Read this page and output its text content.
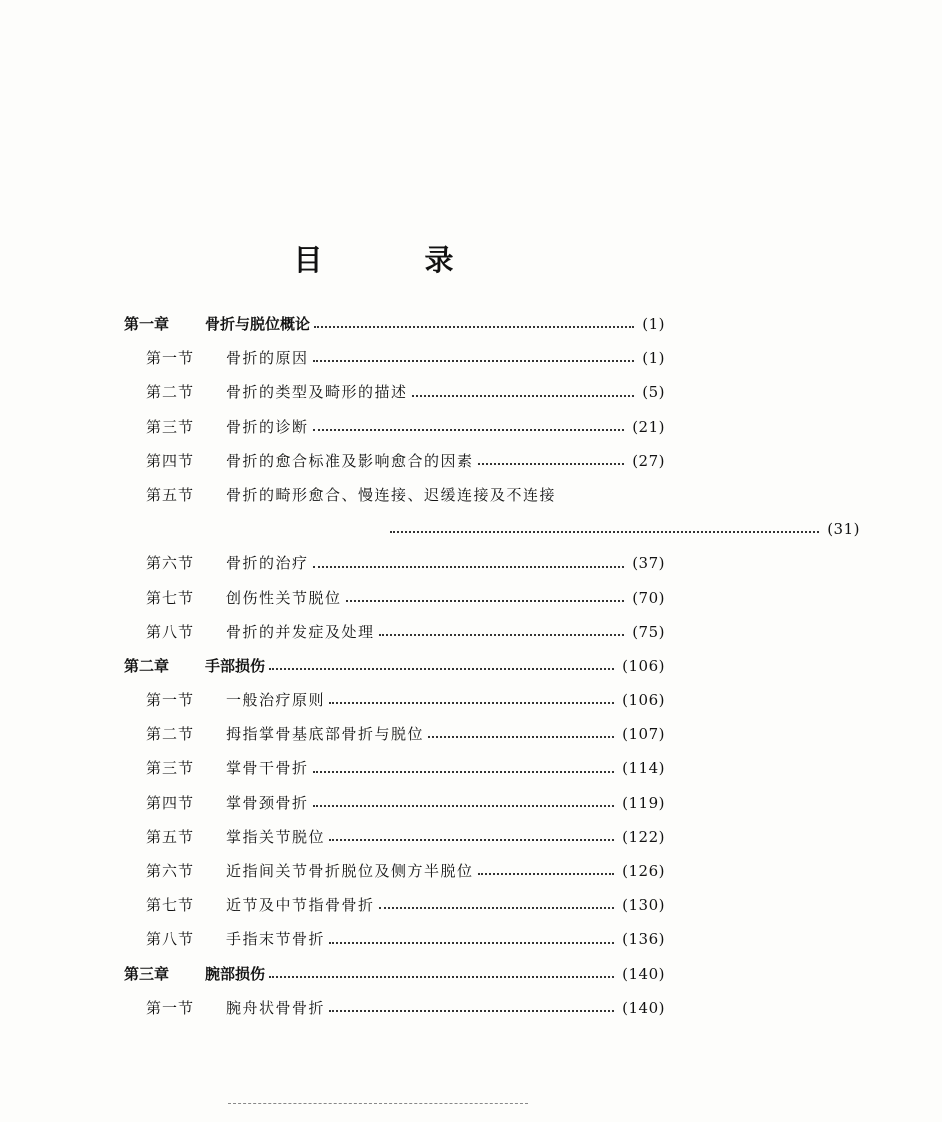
目 录
第一章 骨折与脱位概论	(1)
第一节 骨折的原因	(1)
第二节 骨折的类型及畸形的描述	(5)
第三节 骨折的诊断	(21)
第四节 骨折的愈合标准及影响愈合的因素	(27)
第五节 骨折的畸形愈合、慢连接、迟缓连接及不连接
(31)
第六节 骨折的治疗	(37)
第七节 创伤性关节脱位	(70)
第八节 骨折的并发症及处理	(75)
第二章 手部损伤	(106)
第一节 一般治疗原则	(106)
第二节 拇指掌骨基底部骨折与脱位	(107)
第三节 掌骨干骨折	(114)
第四节 掌骨颈骨折	(119)
第五节 掌指关节脱位	(122)
第六节 近指间关节骨折脱位及侧方半脱位	(126)
第七节 近节及中节指骨骨折	(130)
第八节 手指末节骨折	(136)
第三章 腕部损伤	(140)
第一节 腕舟状骨骨折	(140)
